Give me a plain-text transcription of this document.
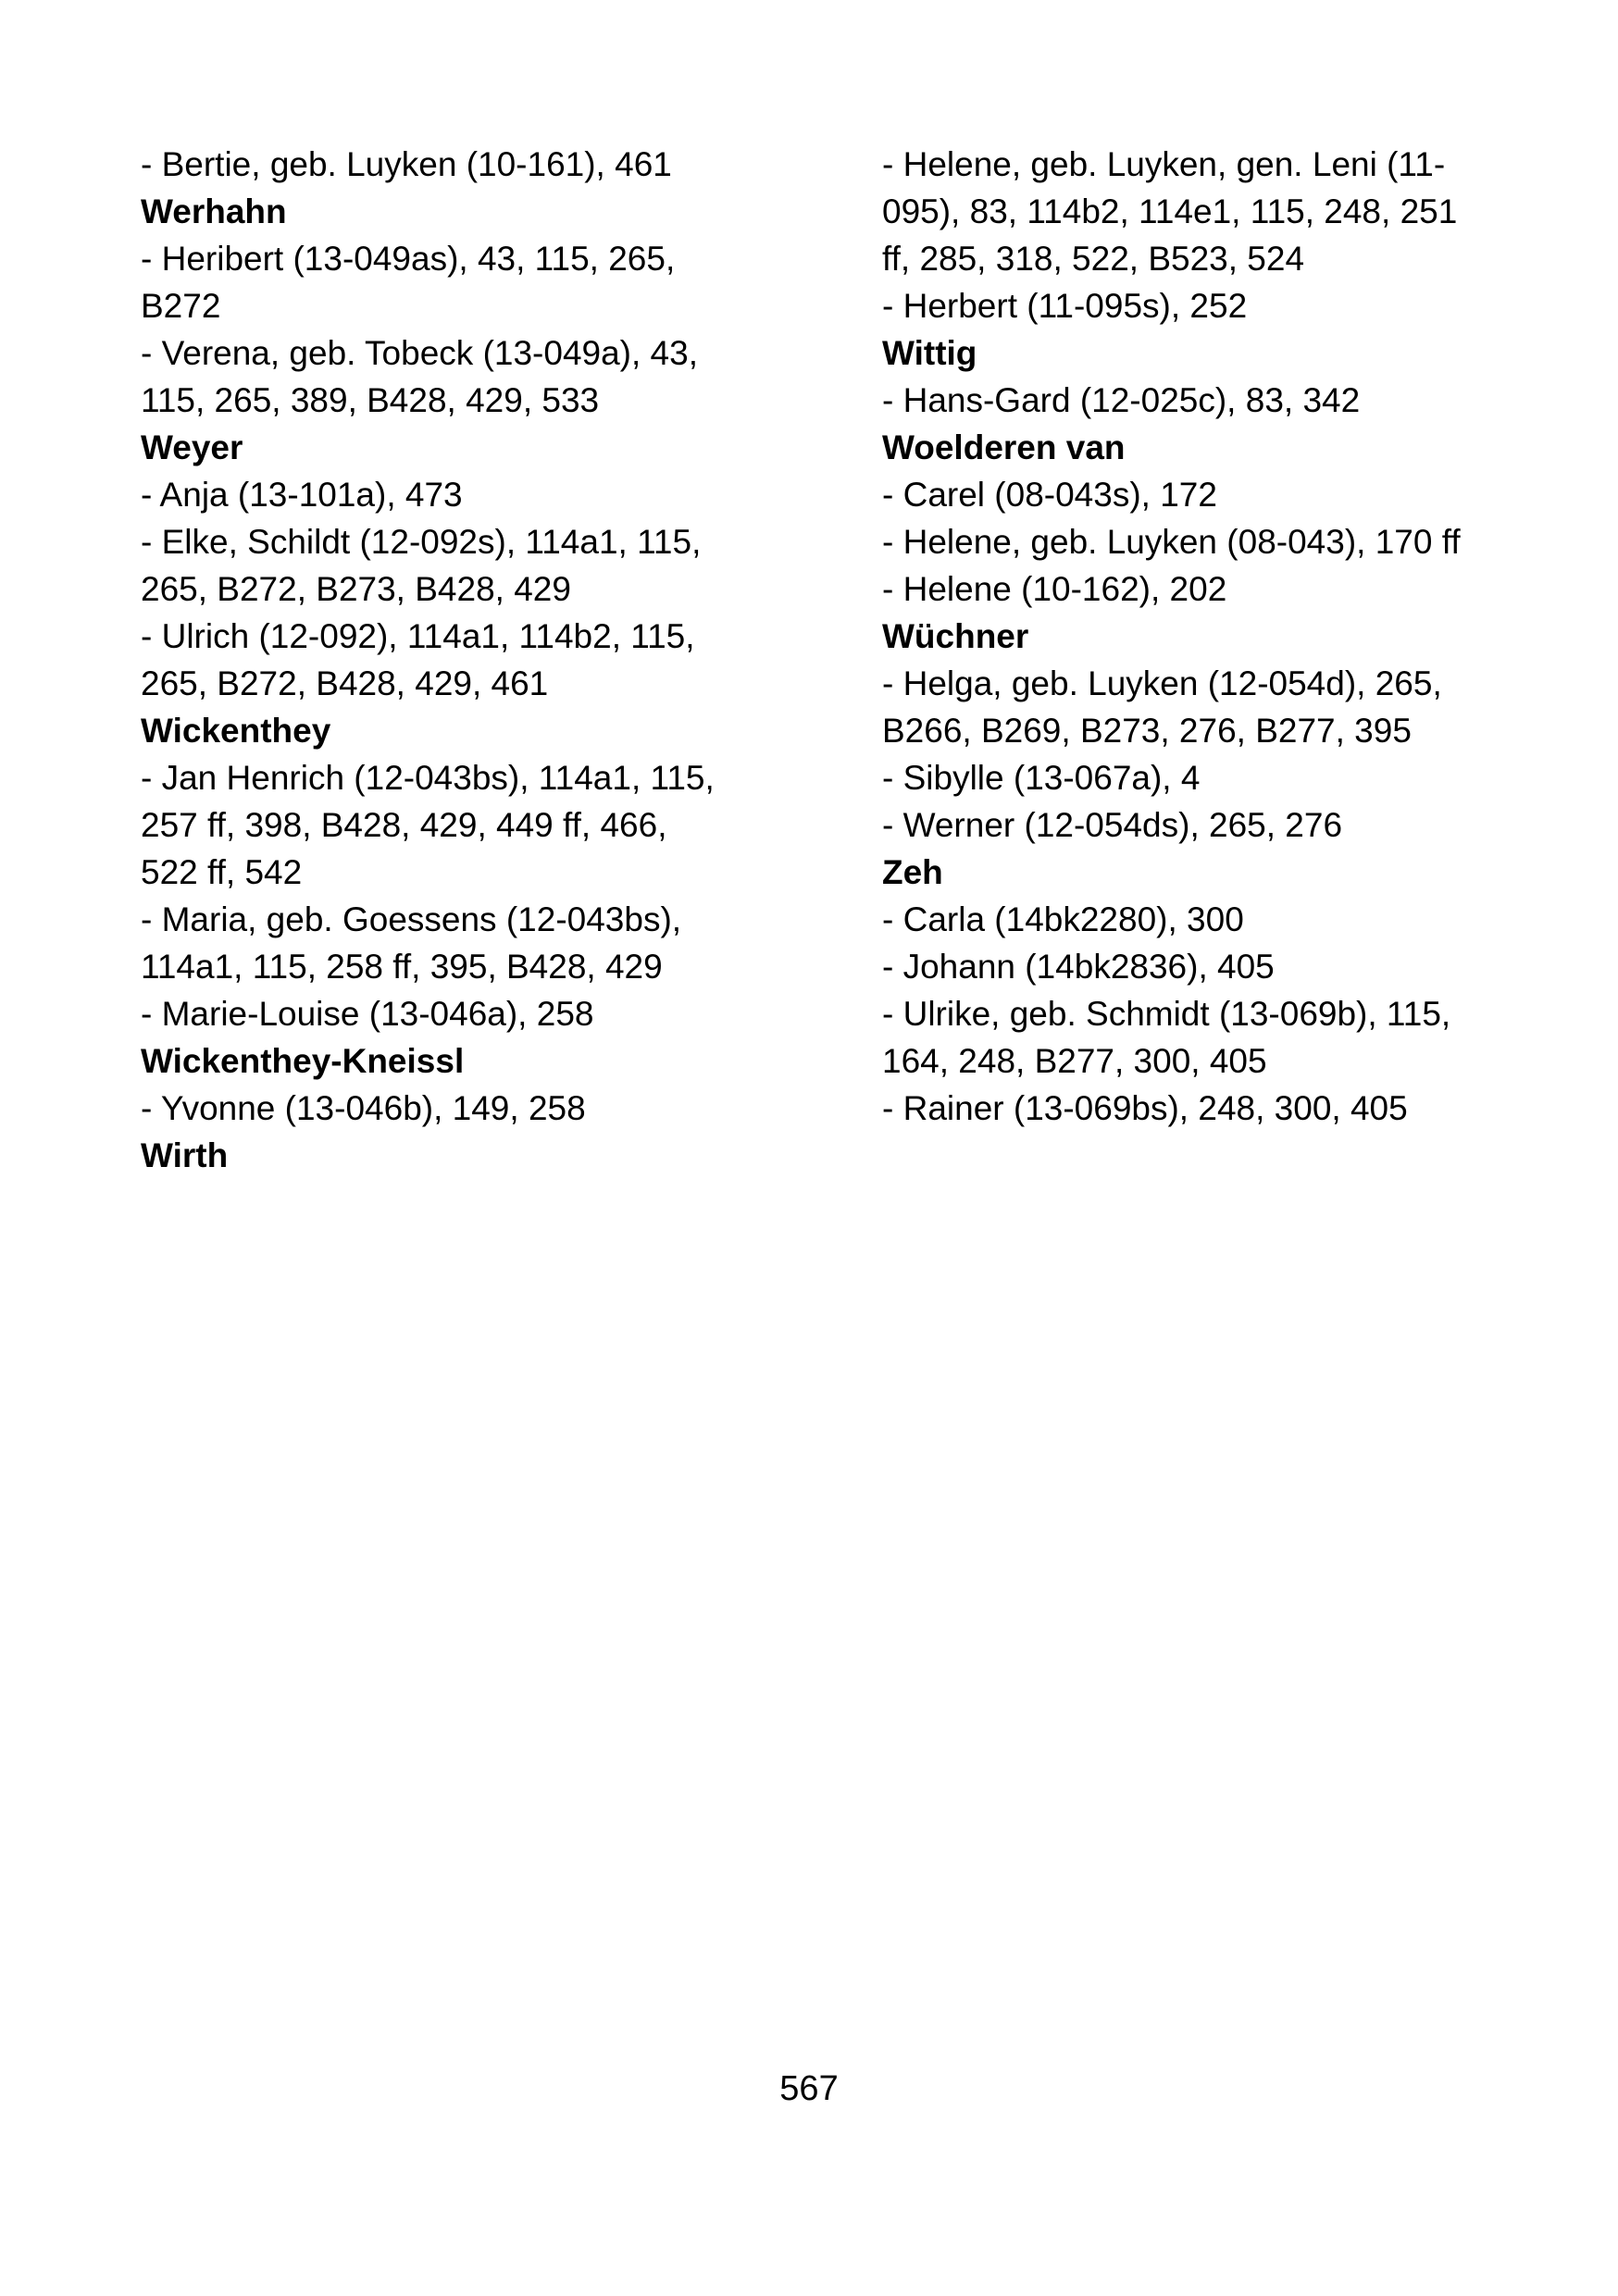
- Bertie, geb. Luyken (10-161), 461
Werhahn
- Heribert (13-049as), 43, 115, 265,
B272
- Verena, geb. Tobeck (13-049a), 43,
115, 265, 389, B428, 429, 533
Weyer
- Anja (13-101a), 473
- Elke, Schildt (12-092s), 114a1, 115,
265, B272, B273, B428, 429
- Ulrich (12-092), 114a1, 114b2, 115,
265, B272, B428, 429, 461
Wickenthey
- Jan Henrich (12-043bs), 114a1, 115,
257 ff, 398, B428, 429, 449 ff, 466,
522 ff, 542
- Maria, geb. Goessens (12-043bs),
114a1, 115, 258 ff, 395, B428, 429
- Marie-Louise (13-046a), 258
Wickenthey-Kneissl
- Yvonne (13-046b), 149, 258
Wirth
- Helene, geb. Luyken, gen. Leni (11-
095), 83, 114b2, 114e1, 115, 248, 251
ff, 285, 318, 522, B523, 524
- Herbert (11-095s), 252
Wittig
- Hans-Gard (12-025c), 83, 342
Woelderen van
- Carel (08-043s), 172
- Helene, geb. Luyken (08-043), 170 ff
- Helene (10-162), 202
Wüchner
- Helga, geb. Luyken (12-054d), 265,
B266, B269, B273, 276, B277, 395
- Sibylle (13-067a), 4
- Werner (12-054ds), 265, 276
Zeh
- Carla (14bk2280), 300
- Johann (14bk2836), 405
- Ulrike, geb. Schmidt (13-069b), 115,
164, 248, B277, 300, 405
- Rainer (13-069bs), 248, 300, 405
567
